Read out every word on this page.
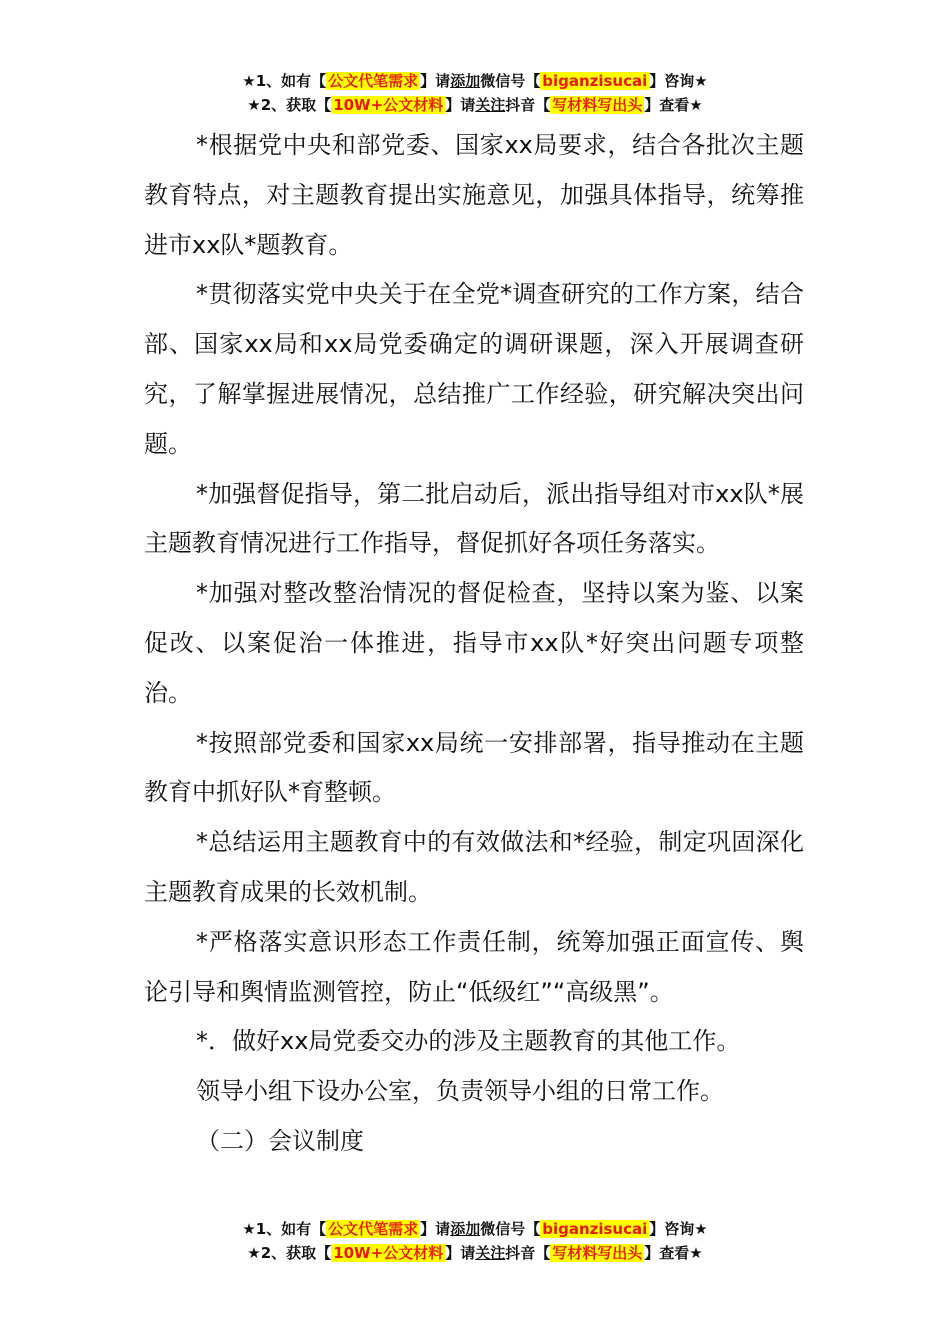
★1、如有【 公文代笔需求 】请添加微信号【 biganzisucai 】咨询★
★2、获取【 10W+公文材料 】请关注抖音【 写材料写出头 】查看★

*根据党中央和部党委、国家xx局要求，结合各批次主题教育特点，对主题教育提出实施意见，加强具体指导，统筹推进市xx队*题教育。

*贯彻落实党中央关于在全党*调查研究的工作方案，结合部、国家xx局和xx局党委确定的调研课题，深入开展调查研究，了解掌握进展情况，总结推广工作经验，研究解决突出问题。

*加强督促指导，第二批启动后，派出指导组对市xx队*展主题教育情况进行工作指导，督促抓好各项任务落实。

*加强对整改整治情况的督促检查，坚持以案为鉴、以案促改、以案促治一体推进，指导市xx队*好突出问题专项整治。

*按照部党委和国家xx局统一安排部署，指导推动在主题教育中抓好队*育整顿。

*总结运用主题教育中的有效做法和*经验，制定巩固深化主题教育成果的长效机制。

*严格落实意识形态工作责任制，统筹加强正面宣传、舆论引导和舆情监测管控，防止“低级红”“高级黑”。

*．做好xx局党委交办的涉及主题教育的其他工作。

领导小组下设办公室，负责领导小组的日常工作。

（二）会议制度

★1、如有【 公文代笔需求 】请添加微信号【 biganzisucai 】咨询★
★2、获取【 10W+公文材料 】请关注抖音【 写材料写出头 】查看★
